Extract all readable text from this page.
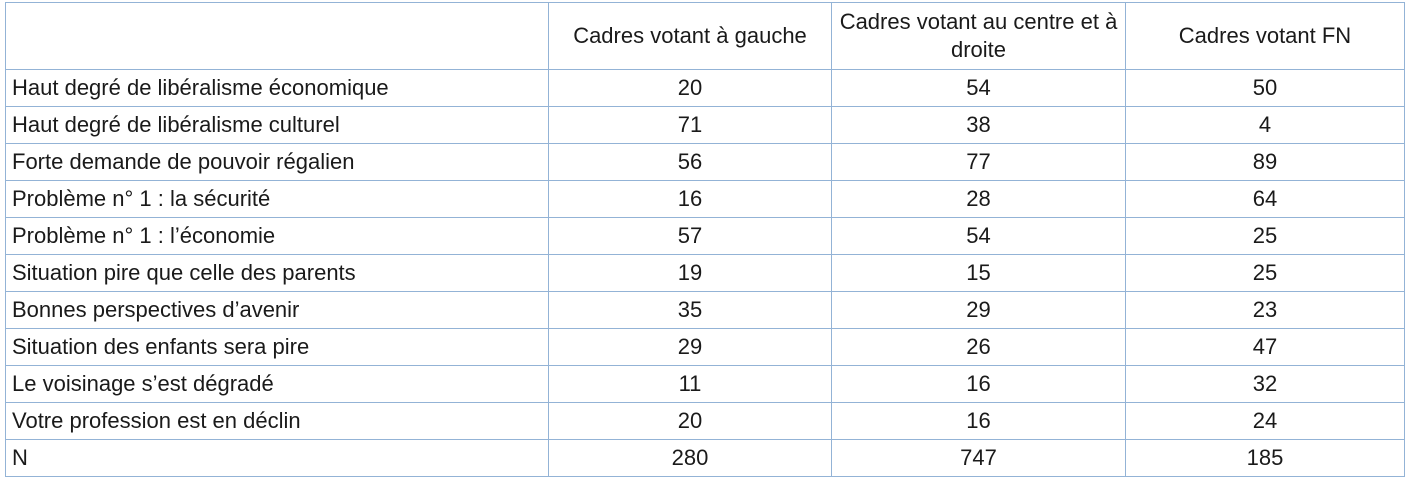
	Cadres votant à gauche	Cadres votant au centre et à droite	Cadres votant FN
Haut degré de libéralisme économique	20	54	50
Haut degré de libéralisme culturel	71	38	4
Forte demande de pouvoir régalien	56	77	89
Problème n° 1 : la sécurité	16	28	64
Problème n° 1 : l’économie	57	54	25
Situation pire que celle des parents	19	15	25
Bonnes perspectives d’avenir	35	29	23
Situation des enfants sera pire	29	26	47
Le voisinage s’est dégradé	11	16	32
Votre profession est en déclin	20	16	24
N	280	747	185
